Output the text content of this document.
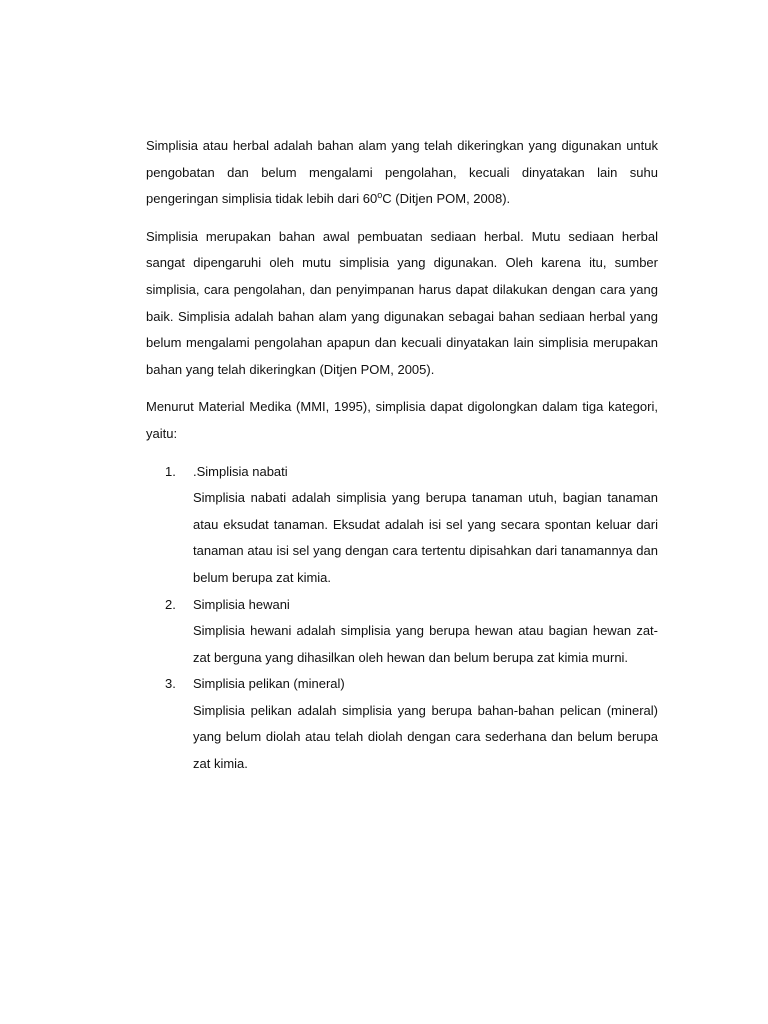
Simplisia atau herbal adalah bahan alam yang telah dikeringkan yang digunakan untuk pengobatan dan belum mengalami pengolahan, kecuali dinyatakan lain suhu pengeringan simplisia tidak lebih dari 60$^o$C (Ditjen POM, 2008).

Simplisia merupakan bahan awal pembuatan sediaan herbal. Mutu sediaan herbal sangat dipengaruhi oleh mutu simplisia yang digunakan. Oleh karena itu, sumber simplisia, cara pengolahan, dan penyimpanan harus dapat dilakukan dengan cara yang baik. Simplisia adalah bahan alam yang digunakan sebagai bahan sediaan herbal yang belum mengalami pengolahan apapun dan kecuali dinyatakan lain simplisia merupakan bahan yang telah dikeringkan (Ditjen POM, 2005).

Menurut Material Medika (MMI, 1995), simplisia dapat digolongkan dalam tiga kategori, yaitu:

1. .Simplisia nabati
Simplisia nabati adalah simplisia yang berupa tanaman utuh, bagian tanaman atau eksudat tanaman. Eksudat adalah isi sel yang secara spontan keluar dari tanaman atau isi sel yang dengan cara tertentu dipisahkan dari tanamannya dan belum berupa zat kimia.
2. Simplisia hewani
Simplisia hewani adalah simplisia yang berupa hewan atau bagian hewan zat- zat berguna yang dihasilkan oleh hewan dan belum berupa zat kimia murni.
3. Simplisia pelikan (mineral)
Simplisia pelikan adalah simplisia yang berupa bahan-bahan pelican (mineral) yang belum diolah atau telah diolah dengan cara sederhana dan belum berupa zat kimia.
